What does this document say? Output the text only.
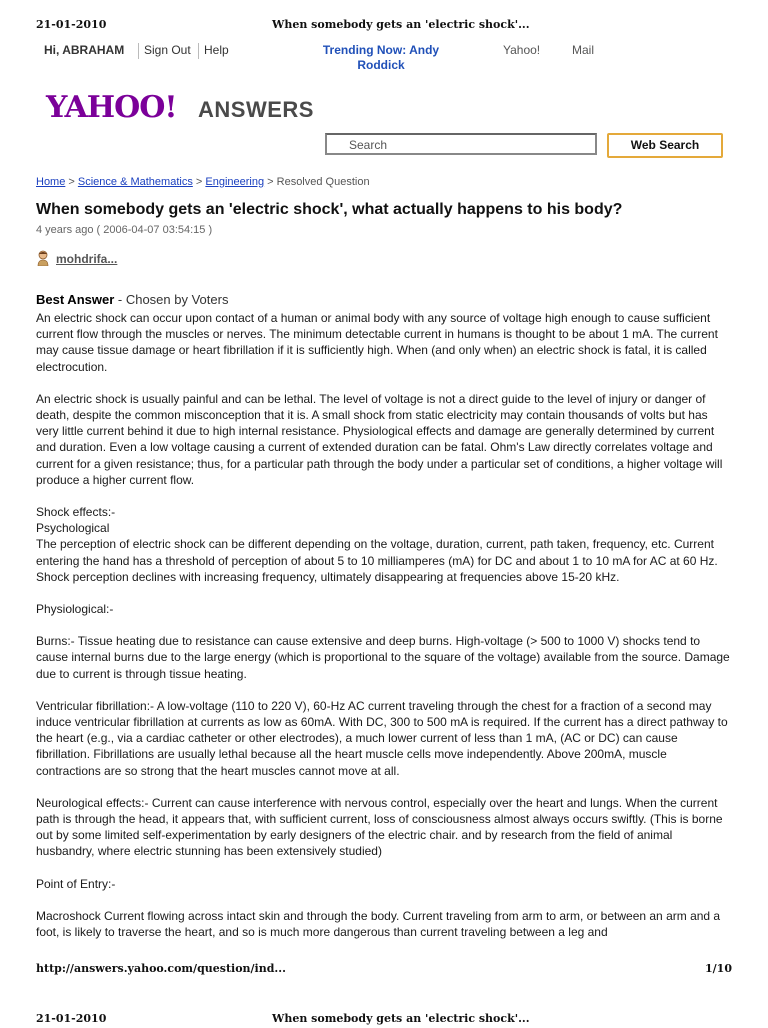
21-01-2010	When somebody gets an 'electric shock'...
Hi, ABRAHAM Sign Out Help	Trending Now: Andy Roddick
Yahoo!	Mail
YAHOO! ANSWERS
Search	Web Search
Home > Science & Mathematics > Engineering > Resolved Question
When somebody gets an 'electric shock', what actually happens to his body?
4 years ago ( 2006-04-07 03:54:15 )
mohdrifa...
Best Answer - Chosen by Voters

An electric shock can occur upon contact of a human or animal body with any source of voltage high enough to cause sufficient current flow through the muscles or nerves. The minimum detectable current in humans is thought to be about 1 mA. The current may cause tissue damage or heart fibrillation if it is sufficiently high. When (and only when) an electric shock is fatal, it is called electrocution.

An electric shock is usually painful and can be lethal. The level of voltage is not a direct guide to the level of injury or danger of death, despite the common misconception that it is. A small shock from static electricity may contain thousands of volts but has very little current behind it due to high internal resistance. Physiological effects and damage are generally determined by current and duration. Even a low voltage causing a current of extended duration can be fatal. Ohm's Law directly correlates voltage and current for a given resistance; thus, for a particular path through the body under a particular set of conditions, a higher voltage will produce a higher current flow.

Shock effects:-
Psychological
The perception of electric shock can be different depending on the voltage, duration, current, path taken, frequency, etc. Current entering the hand has a threshold of perception of about 5 to 10 milliamperes (mA) for DC and about 1 to 10 mA for AC at 60 Hz. Shock perception declines with increasing frequency, ultimately disappearing at frequencies above 15-20 kHz.

Physiological:-

Burns:- Tissue heating due to resistance can cause extensive and deep burns. High-voltage (> 500 to 1000 V) shocks tend to cause internal burns due to the large energy (which is proportional to the square of the voltage) available from the source. Damage due to current is through tissue heating.

Ventricular fibrillation:- A low-voltage (110 to 220 V), 60-Hz AC current traveling through the chest for a fraction of a second may induce ventricular fibrillation at currents as low as 60mA. With DC, 300 to 500 mA is required. If the current has a direct pathway to the heart (e.g., via a cardiac catheter or other electrodes), a much lower current of less than 1 mA, (AC or DC) can cause fibrillation. Fibrillations are usually lethal because all the heart muscle cells move independently. Above 200mA, muscle contractions are so strong that the heart muscles cannot move at all.

Neurological effects:- Current can cause interference with nervous control, especially over the heart and lungs. When the current path is through the head, it appears that, with sufficient current, loss of consciousness almost always occurs swiftly. (This is borne out by some limited self-experimentation by early designers of the electric chair. and by research from the field of animal husbandry, where electric stunning has been extensively studied)

Point of Entry:-

Macroshock Current flowing across intact skin and through the body. Current traveling from arm to arm, or between an arm and a foot, is likely to traverse the heart, and so is much more dangerous than current traveling between a leg and

http://answers.yahoo.com/question/ind...	1/10
21-01-2010	When somebody gets an 'electric shock'...
